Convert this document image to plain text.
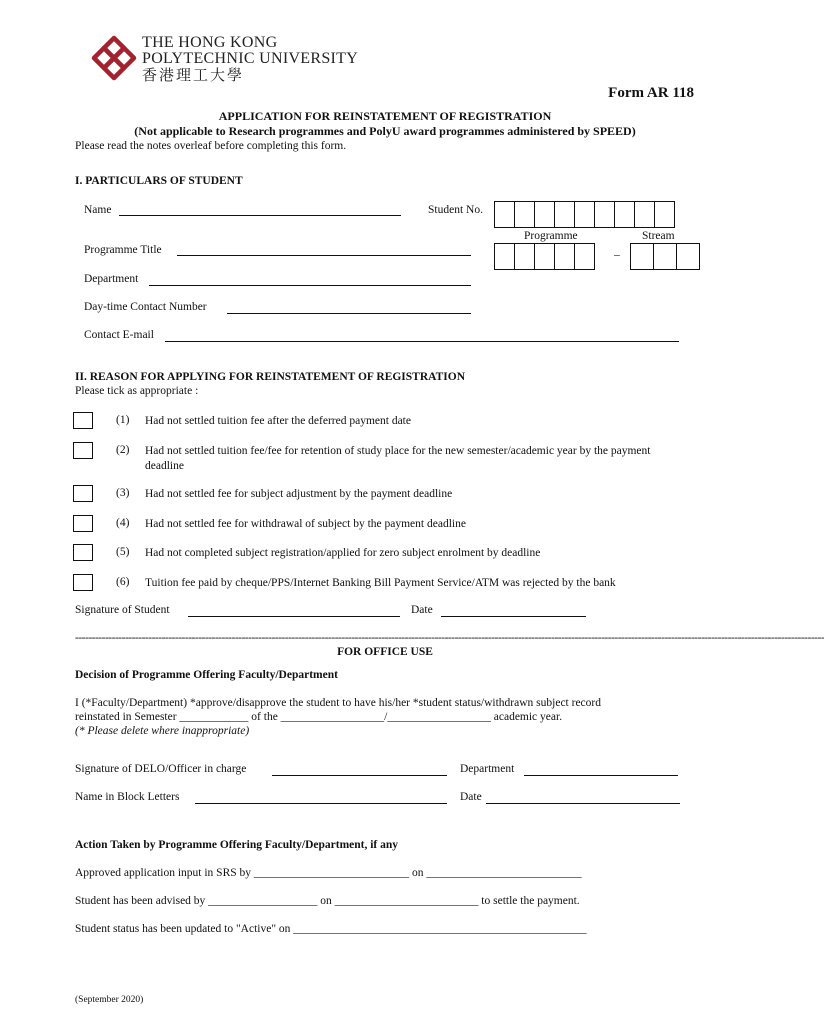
THE HONG KONG
POLYTECHNIC UNIVERSITY
香港理工大學
Form AR 118
APPLICATION FOR REINSTATEMENT OF REGISTRATION
(Not applicable to Research programmes and PolyU award programmes administered by SPEED)
Please read the notes overleaf before completing this form.
I. PARTICULARS OF STUDENT
Name	Student No.
Programme	Stream
Programme Title	–
Department
Day-time Contact Number
Contact E-mail
II. REASON FOR APPLYING FOR REINSTATEMENT OF REGISTRATION
Please tick as appropriate :
(1) Had not settled tuition fee after the deferred payment date
(2) Had not settled tuition fee/fee for retention of study place for the new semester/academic year by the payment deadline
(3) Had not settled fee for subject adjustment by the payment deadline
(4) Had not settled fee for withdrawal of subject by the payment deadline
(5) Had not completed subject registration/applied for zero subject enrolment by deadline
(6) Tuition fee paid by cheque/PPS/Internet Banking Bill Payment Service/ATM was rejected by the bank
Signature of Student	Date
---------------------------------------------------------------------------------------------------------------------------------------------------------------------------------------------------------------------------------
FOR OFFICE USE
Decision of Programme Offering Faculty/Department
I (*Faculty/Department) *approve/disapprove the student to have his/her *student status/withdrawn subject record
reinstated in Semester ____________ of the __________________/__________________ academic year.
(* Please delete where inappropriate)
Signature of DELO/Officer in charge	Department
Name in Block Letters	Date
Action Taken by Programme Offering Faculty/Department, if any
Approved application input in SRS by ___________________________ on ___________________________
Student has been advised by ___________________ on _________________________ to settle the payment.
Student status has been updated to "Active" on ___________________________________________________
(September 2020)
